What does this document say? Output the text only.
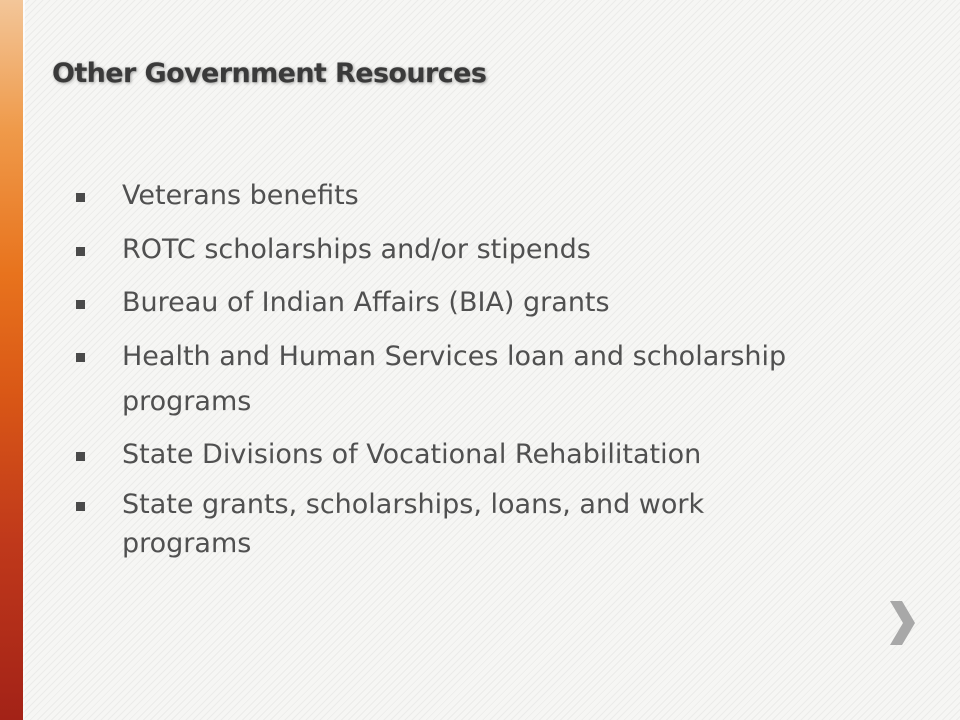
Other Government Resources
Veterans benefits
ROTC scholarships and/or stipends
Bureau of Indian Affairs (BIA) grants
Health and Human Services loan and scholarship
programs
State Divisions of Vocational Rehabilitation
State grants, scholarships, loans, and work
programs
